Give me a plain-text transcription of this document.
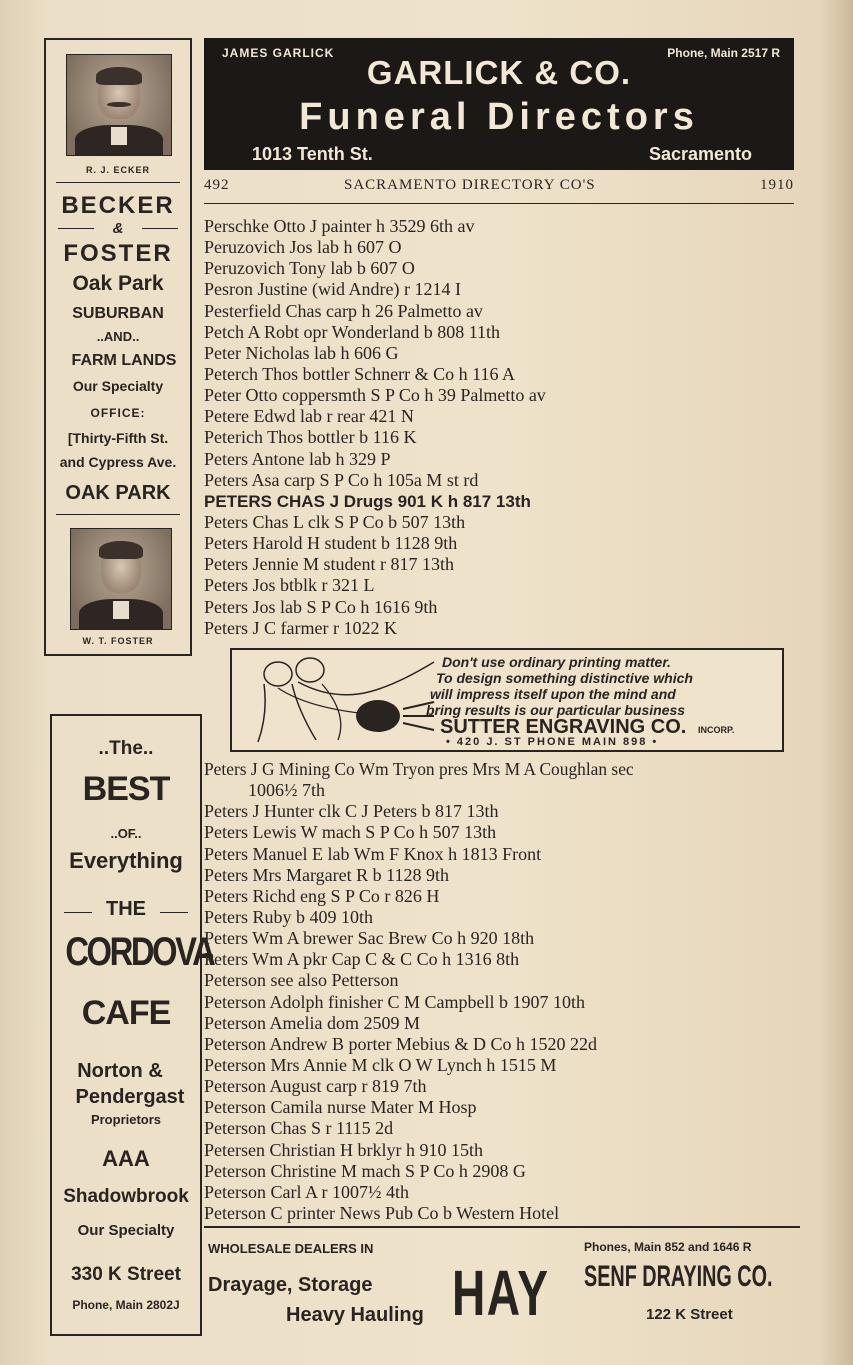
R. J. ECKER
BECKER
&
FOSTER
Oak Park
SUBURBAN
..AND..
FARM LANDS
Our Specialty
OFFICE:
[Thirty-Fifth St.
and Cypress Ave.
OAK PARK
W. T. FOSTER
JAMES GARLICK	Phone, Main 2517 R
GARLICK & CO.
Funeral Directors
1013 Tenth St.	Sacramento
492	SACRAMENTO DIRECTORY CO'S	1910
Perschke Otto J painter h 3529 6th av
Peruzovich Jos lab h 607 O
Peruzovich Tony lab b 607 O
Pesron Justine (wid Andre) r 1214 I
Pesterfield Chas carp h 26 Palmetto av
Petch A Robt opr Wonderland b 808 11th
Peter Nicholas lab h 606 G
Peterch Thos bottler Schnerr & Co h 116 A
Peter Otto coppersmth S P Co h 39 Palmetto av
Petere Edwd lab r rear 421 N
Peterich Thos bottler b 116 K
Peters Antone lab h 329 P
Peters Asa carp S P Co h 105a M st rd
PETERS CHAS J Drugs 901 K h 817 13th
Peters Chas L clk S P Co b 507 13th
Peters Harold H student b 1128 9th
Peters Jennie M student r 817 13th
Peters Jos btblk r 321 L
Peters Jos lab S P Co h 1616 9th
Peters J C farmer r 1022 K
Don't use ordinary printing matter.
To design something distinctive which
will impress itself upon the mind and
bring results is our particular business
SUTTER ENGRAVING CO. INCORP.
• 420 J. ST PHONE MAIN 898 •
Peters J G Mining Co Wm Tryon pres Mrs M A Coughlan sec
1006½ 7th
Peters J Hunter clk C J Peters b 817 13th
Peters Lewis W mach S P Co h 507 13th
Peters Manuel E lab Wm F Knox h 1813 Front
Peters Mrs Margaret R b 1128 9th
Peters Richd eng S P Co r 826 H
Peters Ruby b 409 10th
Peters Wm A brewer Sac Brew Co h 920 18th
Peters Wm A pkr Cap C & C Co h 1316 8th
Peterson see also Petterson
Peterson Adolph finisher C M Campbell b 1907 10th
Peterson Amelia dom 2509 M
Peterson Andrew B porter Mebius & D Co h 1520 22d
Peterson Mrs Annie M clk O W Lynch h 1515 M
Peterson August carp r 819 7th
Peterson Camila nurse Mater M Hosp
Peterson Chas S r 1115 2d
Petersen Christian H brklyr h 910 15th
Peterson Christine M mach S P Co h 2908 G
Peterson Carl A r 1007½ 4th
Peterson C printer News Pub Co b Western Hotel
..The..
BEST
..OF..
Everything
THE
CORDOVA
CAFE
Norton &
Pendergast
Proprietors
AAA
Shadowbrook
Our Specialty
330 K Street
Phone, Main 2802J
WHOLESALE DEALERS IN	Phones, Main 852 and 1646 R
Drayage, Storage
Heavy Hauling HAY SENF DRAYING CO.
122 K Street
